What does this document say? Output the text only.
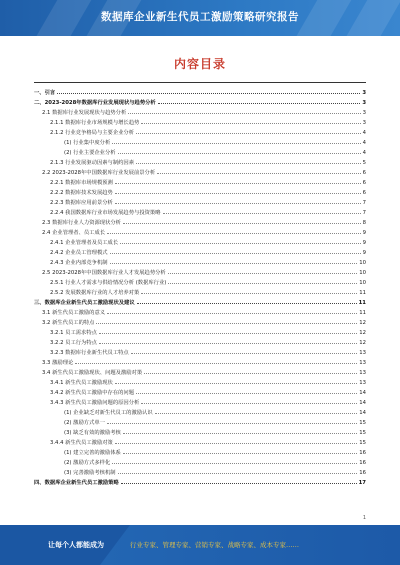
数据库企业新生代员工激励策略研究报告
内容目录
一、引言	3
二、2023-2028年数据库行业发展现状与趋势分析	3
2.1 数据库行业发展现状与趋势分析	3
2.1.1 数据库行业市场规模与增长趋势	3
2.1.2 行业竞争格局与主要企业分析	4
(1) 行业集中度分析	4
(2) 行业主要企业分析	4
2.1.3 行业发展驱动因素与制约因素	5
2.2 2023-2028年中国数据库行业发展前景分析	6
2.2.1 数据库市场规模预测	6
2.2.2 数据库技术发展趋势	6
2.2.3 数据库应用前景分析	7
2.2.4 我国数据库行业市场发展趋势与投资策略	7
2.3 数据库行业人力资源现状分析	8
2.4 企业管理者、员工成长	9
2.4.1 企业管理者及员工成长	9
2.4.2 企业员工管理模式	9
2.4.3 企业内部竞争机制	10
2.5 2023-2028年中国数据库行业人才发展趋势分析	10
2.5.1 行业人才需求与供给情况分析 (数据库行业)	10
2.5.2 发展数据库行业的人才培养对策	11
三、数据库企业新生代员工激励现状及建议	11
3.1 新生代员工激励的意义	11
3.2 新生代员工的特点	12
3.2.1 员工需求特点	12
3.2.2 员工行为特点	12
3.2.3 数据库行业新生代员工特点	13
3.3 激励理论	13
3.4 新生代员工激励现状、问题及激励对策	13
3.4.1 新生代员工激励现状	13
3.4.2 新生代员工激励中存在的问题	14
3.4.3 新生代员工激励问题的原因分析	14
(1) 企业缺乏对新生代员工的激励认识	14
(2) 激励方式单一	15
(3) 缺乏有效的激励考核	15
3.4.4 新生代员工激励对策	15
(1) 建立完善的激励体系	16
(2) 激励方式多样化	16
(3) 完善激励考核机制	16
四、数据库企业新生代员工激励策略	17
1
让每个人都能成为	行业专家、管理专家、营销专家、战略专家、成本专家……
